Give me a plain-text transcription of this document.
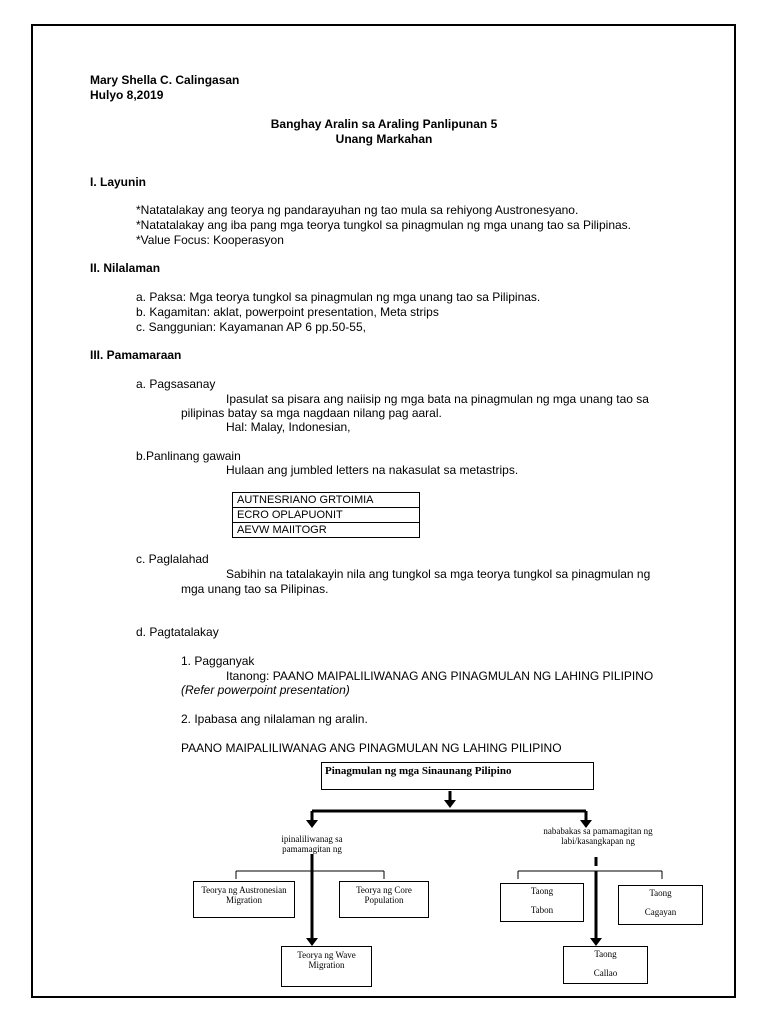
Mary Shella C. Calingasan
Hulyo 8,2019
Banghay Aralin sa Araling Panlipunan 5
Unang Markahan
I. Layunin
*Natatalakay ang teorya ng pandarayuhan ng tao mula sa rehiyong Austronesyano.
*Natatalakay ang iba pang mga teorya tungkol sa pinagmulan ng mga unang tao sa Pilipinas.
*Value Focus: Kooperasyon
II. Nilalaman
a. Paksa: Mga teorya tungkol sa pinagmulan ng mga unang tao sa Pilipinas.
b. Kagamitan: aklat, powerpoint presentation, Meta strips
c. Sanggunian: Kayamanan AP 6 pp.50-55,
III. Pamamaraan
a. Pagsasanay
Ipasulat sa pisara ang naiisip ng mga bata na pinagmulan ng mga unang tao sa
pilipinas batay sa mga nagdaan nilang pag aaral.
Hal: Malay, Indonesian,
b.Panlinang gawain
Hulaan ang jumbled letters na nakasulat sa metastrips.
AUTNESRIANO GRTOIMIA
ECRO OPLAPUONIT
AEVW MAIITOGR
c. Paglalahad
Sabihin na tatalakayin nila ang tungkol sa mga teorya tungkol sa pinagmulan ng
mga unang tao sa Pilipinas.
d. Pagtatalakay
1. Pagganyak
Itanong: PAANO MAIPALILIWANAG ANG PINAGMULAN NG LAHING PILIPINO
(Refer powerpoint presentation)
2. Ipabasa ang nilalaman ng aralin.
PAANO MAIPALILIWANAG ANG PINAGMULAN NG LAHING PILIPINO
Pinagmulan ng mga Sinaunang Pilipino
ipinaliliwanag sa pamamagitan ng
nababakas sa pamamagitan ng labi/kasangkapan ng
Teorya ng Austronesian Migration
Teorya ng Core Population
Teorya ng Wave Migration
Taong
Tabon
Taong
Cagayan
Taong
Callao
